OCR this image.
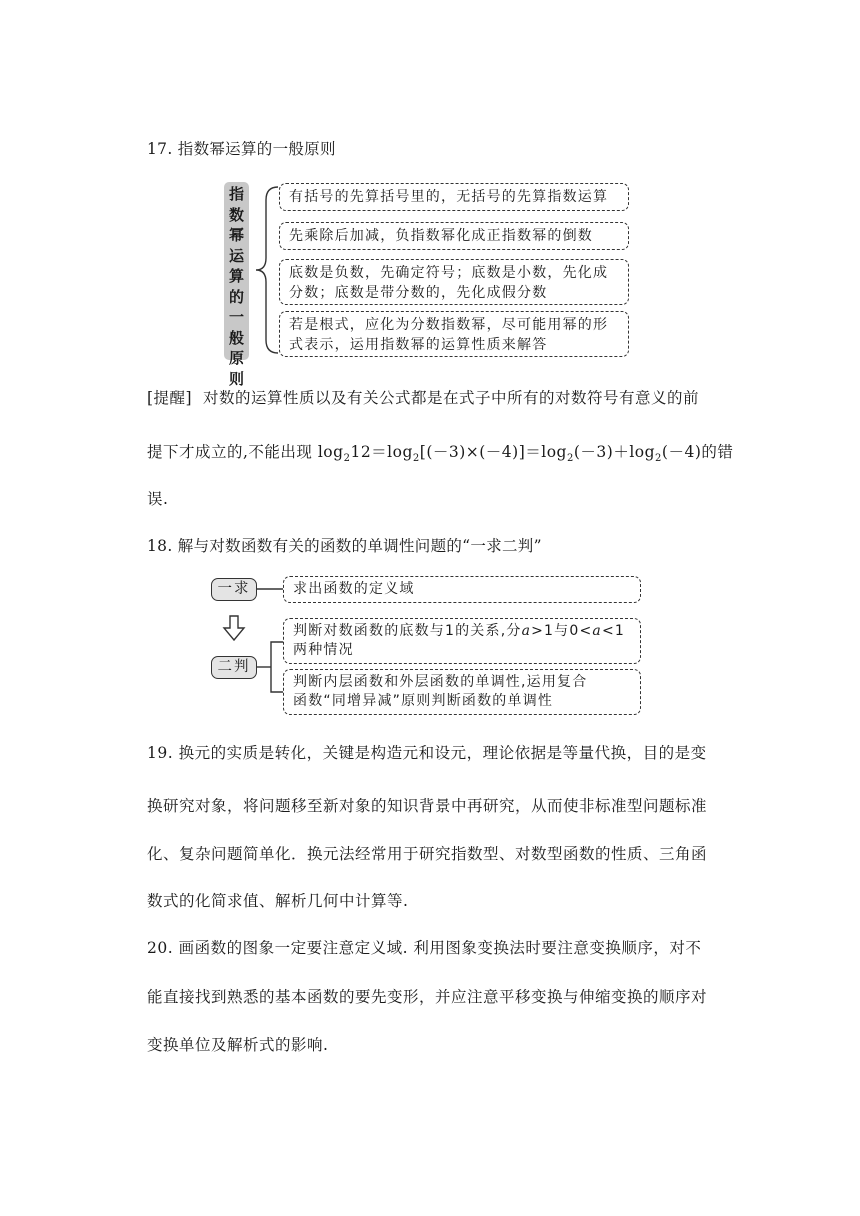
17. 指数幂运算的一般原则
指
数
幂
运
算
的
一
般
原
则
有括号的先算括号里的，无括号的先算指数运算
先乘除后加减，负指数幂化成正指数幂的倒数
底数是负数，先确定符号；底数是小数，先化成
分数；底数是带分数的，先化成假分数
若是根式，应化为分数指数幂，尽可能用幂的形
式表示，运用指数幂的运算性质来解答
[提醒] 对数的运算性质以及有关公式都是在式子中所有的对数符号有意义的前
提下才成立的,不能出现 $\log_212=\log_2[(-3)\times(-4)]=\log_2(-3)+\log_2(-4)$的错
误.
18. 解与对数函数有关的函数的单调性问题的“一求二判”
一求
二判
求出函数的定义域
判断对数函数的底数与1的关系,分a>1与0<a<1
两种情况
判断内层函数和外层函数的单调性,运用复合
函数“同增异减”原则判断函数的单调性
19. 换元的实质是转化，关键是构造元和设元，理论依据是等量代换，目的是变
换研究对象，将问题移至新对象的知识背景中再研究，从而使非标准型问题标准
化、复杂问题简单化．换元法经常用于研究指数型、对数型函数的性质、三角函
数式的化简求值、解析几何中计算等.
20. 画函数的图象一定要注意定义域. 利用图象变换法时要注意变换顺序，对不
能直接找到熟悉的基本函数的要先变形，并应注意平移变换与伸缩变换的顺序对
变换单位及解析式的影响.
